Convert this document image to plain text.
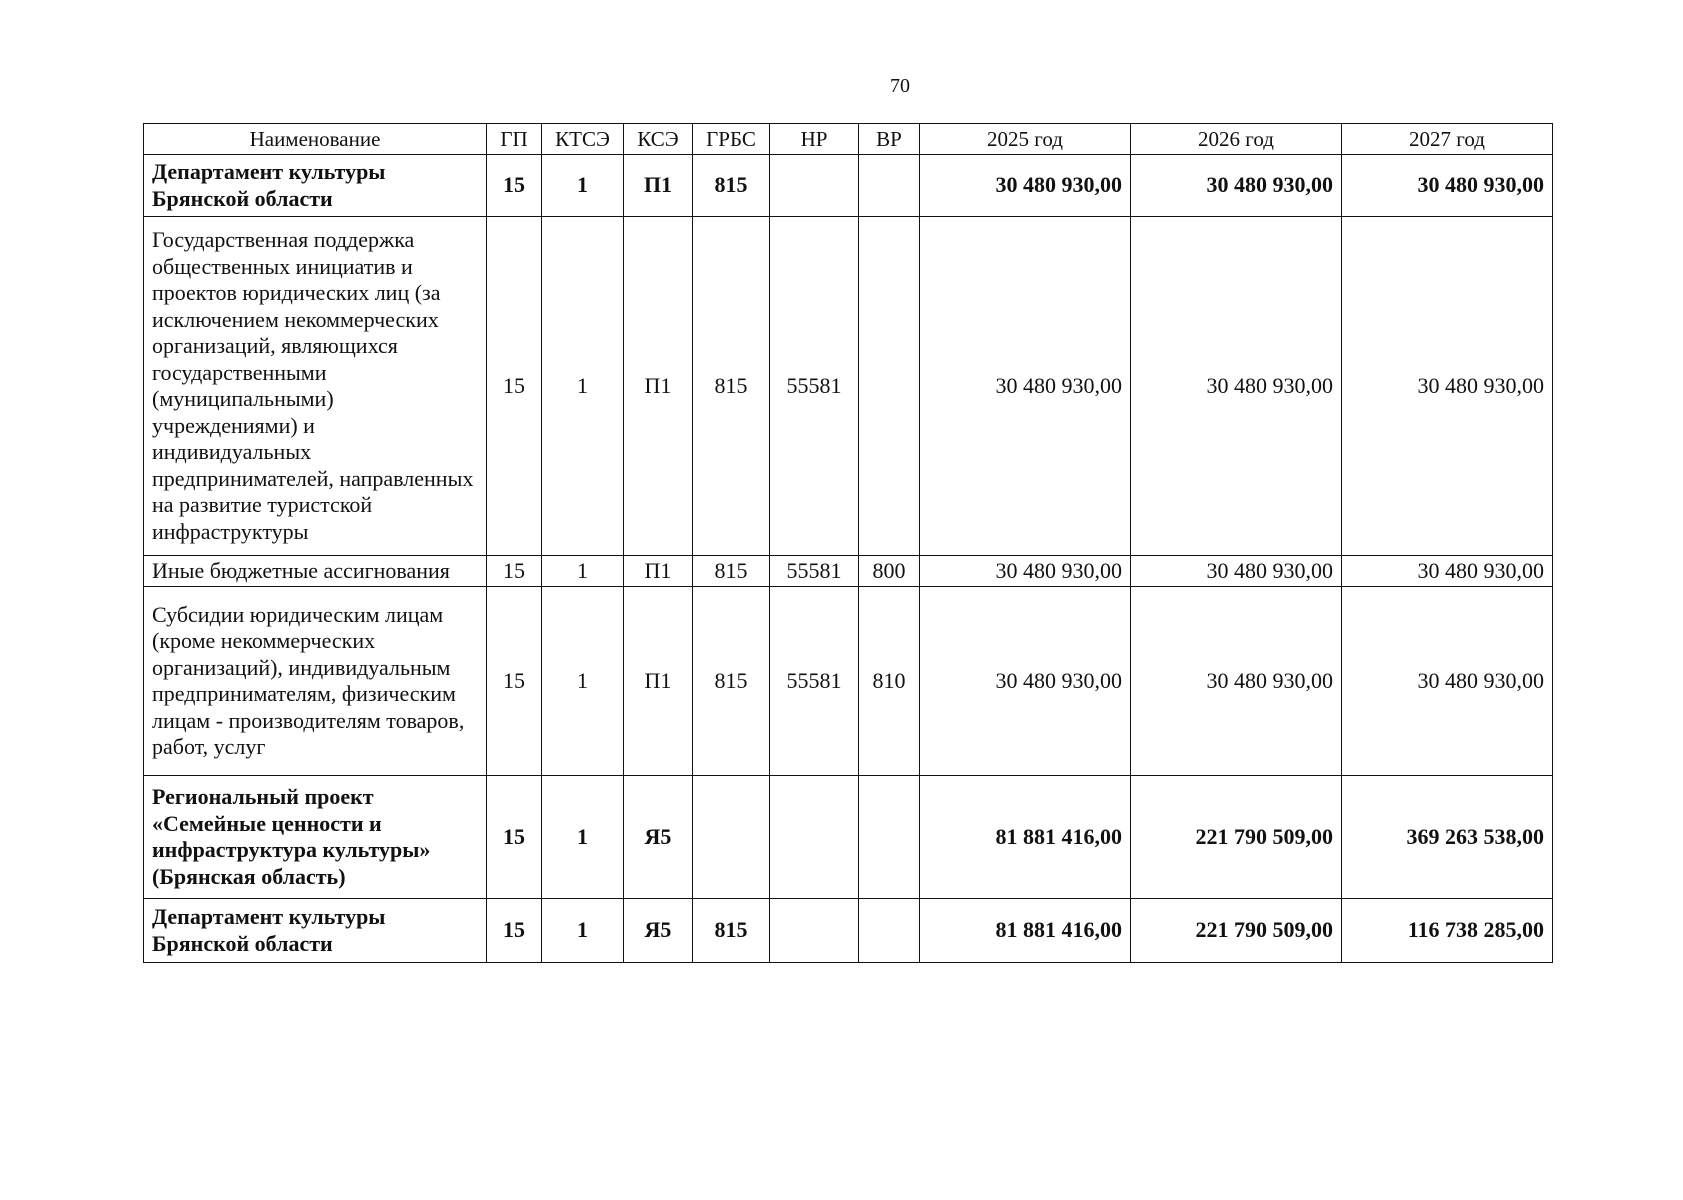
70
Наименование	ГП	КТСЭ	КСЭ	ГРБС	НР	ВР	2025 год	2026 год	2027 год
Департамент культуры Брянской области	15	1	П1	815			30 480 930,00	30 480 930,00	30 480 930,00
Государственная поддержка общественных инициатив и проектов юридических лиц (за исключением некоммерческих организаций, являющихся государственными (муниципальными) учреждениями) и индивидуальных предпринимателей, направленных на развитие туристской инфраструктуры	15	1	П1	815	55581		30 480 930,00	30 480 930,00	30 480 930,00
Иные бюджетные ассигнования	15	1	П1	815	55581	800	30 480 930,00	30 480 930,00	30 480 930,00
Субсидии юридическим лицам (кроме некоммерческих организаций), индивидуальным предпринимателям, физическим лицам - производителям товаров, работ, услуг	15	1	П1	815	55581	810	30 480 930,00	30 480 930,00	30 480 930,00
Региональный проект «Семейные ценности и инфраструктура культуры» (Брянская область)	15	1	Я5				81 881 416,00	221 790 509,00	369 263 538,00
Департамент культуры Брянской области	15	1	Я5	815			81 881 416,00	221 790 509,00	116 738 285,00
